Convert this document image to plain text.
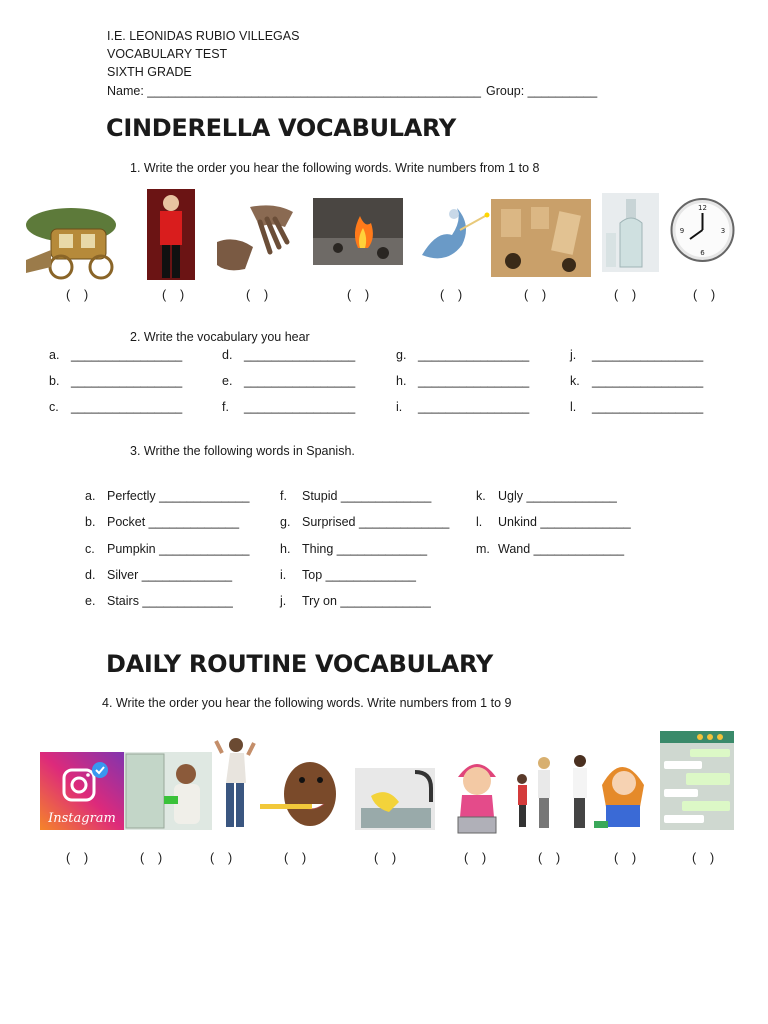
I.E. LEONIDAS RUBIO VILLEGAS
VOCABULARY TEST
SIXTH GRADE
Name: ________________________________________________ Group: __________
CINDERELLA VOCABULARY
1. Write the order you hear the following words. Write numbers from 1 to 8
12
3
6
9
(    )	(    )	(    )	(    )	(    )	(    )	(    )	(    )
2. Write the vocabulary you hear
a. ________________	d. ________________	g. ________________	j. ________________
b. ________________	e. ________________	h. ________________	k. ________________
c. ________________	f. ________________	i. ________________	l. ________________
3. Writhe the following words in Spanish.
a. Perfectly _____________
b. Pocket _____________
c. Pumpkin _____________
d. Silver _____________
e. Stairs _____________
f. Stupid _____________
g. Surprised _____________
h. Thing _____________
i. Top _____________
j. Try on _____________
k. Ugly _____________
l. Unkind _____________
m. Wand _____________
DAILY ROUTINE VOCABULARY
4. Write the order you hear the following words. Write numbers from 1 to 9
Instagram
(    )	(    )	(    )	(    )	(    )	(    )	(    )	(    )	(    )
